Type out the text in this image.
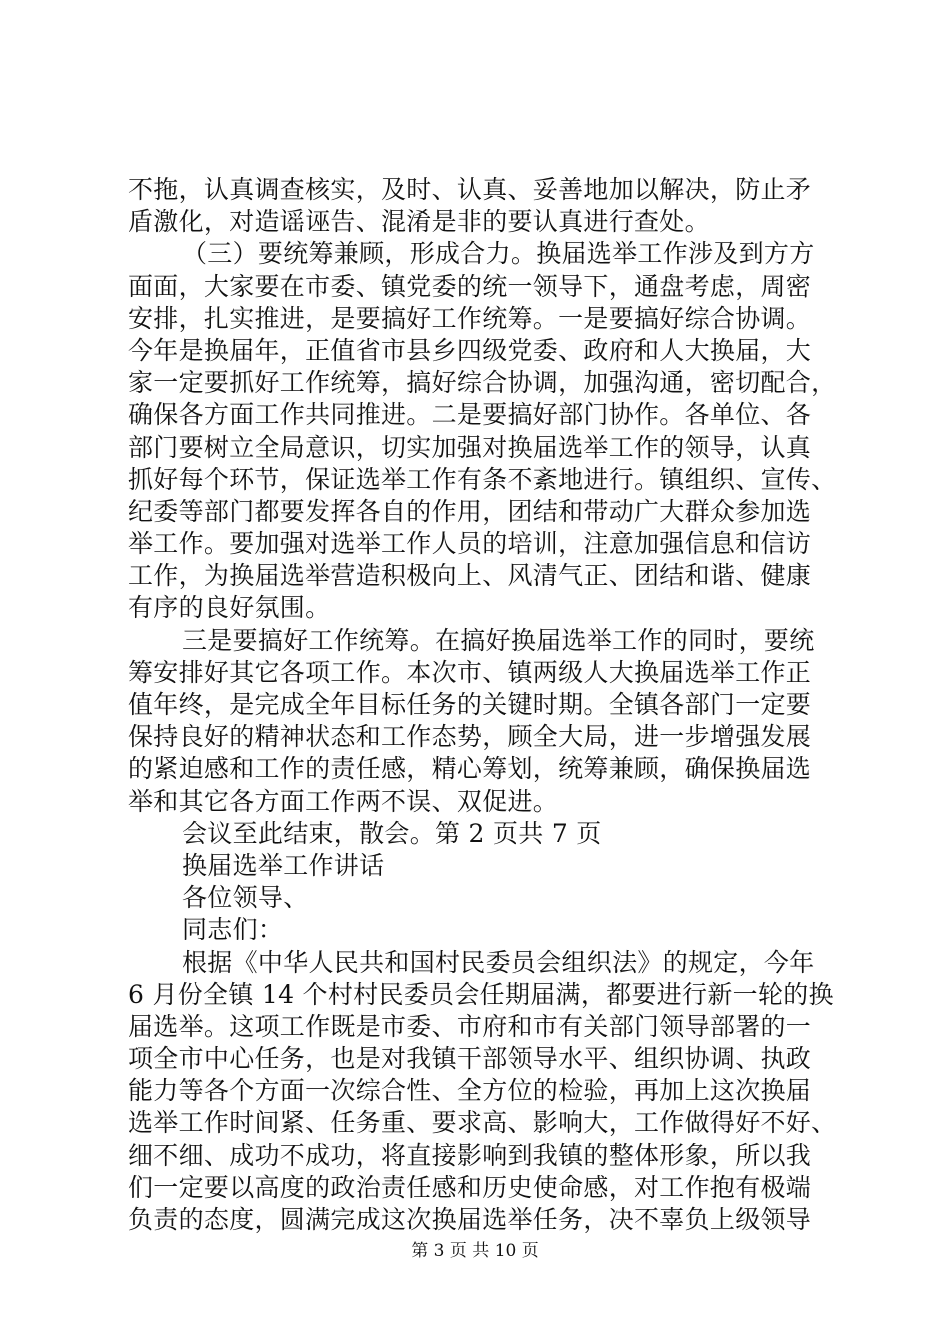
不拖，认真调查核实，及时、认真、妥善地加以解决，防止矛
盾激化，对造谣诬告、混淆是非的要认真进行查处。
（三）要统筹兼顾，形成合力。换届选举工作涉及到方方
面面，大家要在市委、镇党委的统一领导下，通盘考虑，周密
安排，扎实推进，是要搞好工作统筹。一是要搞好综合协调。
今年是换届年，正值省市县乡四级党委、政府和人大换届，大
家一定要抓好工作统筹，搞好综合协调，加强沟通，密切配合，
确保各方面工作共同推进。二是要搞好部门协作。各单位、各
部门要树立全局意识，切实加强对换届选举工作的领导，认真
抓好每个环节，保证选举工作有条不紊地进行。镇组织、宣传、
纪委等部门都要发挥各自的作用，团结和带动广大群众参加选
举工作。要加强对选举工作人员的培训，注意加强信息和信访
工作，为换届选举营造积极向上、风清气正、团结和谐、健康
有序的良好氛围。
三是要搞好工作统筹。在搞好换届选举工作的同时，要统
筹安排好其它各项工作。本次市、镇两级人大换届选举工作正
值年终，是完成全年目标任务的关键时期。全镇各部门一定要
保持良好的精神状态和工作态势，顾全大局，进一步增强发展
的紧迫感和工作的责任感，精心筹划，统筹兼顾，确保换届选
举和其它各方面工作两不误、双促进。
会议至此结束，散会。第 2 页共 7 页
换届选举工作讲话
各位领导、
同志们：
根据《中华人民共和国村民委员会组织法》的规定，今年
6 月份全镇 14 个村村民委员会任期届满，都要进行新一轮的换
届选举。这项工作既是市委、市府和市有关部门领导部署的一
项全市中心任务，也是对我镇干部领导水平、组织协调、执政
能力等各个方面一次综合性、全方位的检验，再加上这次换届
选举工作时间紧、任务重、要求高、影响大，工作做得好不好、
细不细、成功不成功，将直接影响到我镇的整体形象，所以我
们一定要以高度的政治责任感和历史使命感，对工作抱有极端
负责的态度，圆满完成这次换届选举任务，决不辜负上级领导
第 3 页 共 10 页
